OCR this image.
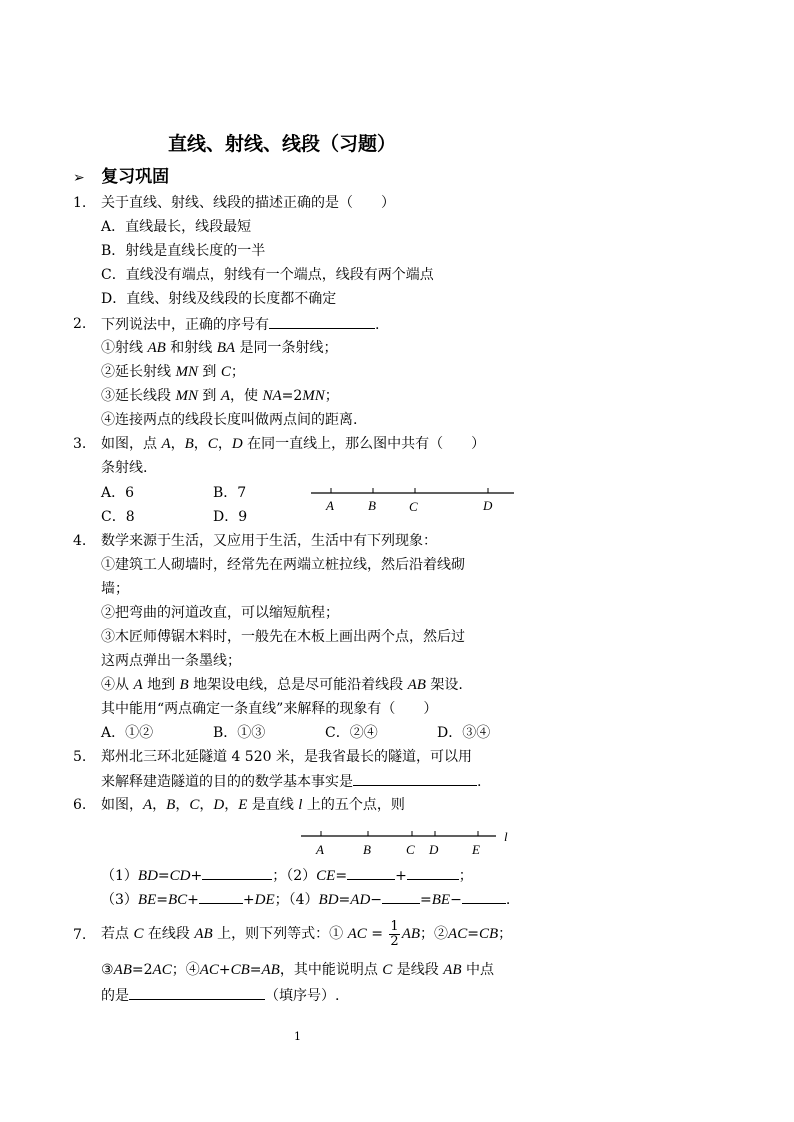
直线、射线、线段（习题）
➢ 复习巩固
1. 关于直线、射线、线段的描述正确的是（　　）
A．直线最长，线段最短
B．射线是直线长度的一半
C．直线没有端点，射线有一个端点，线段有两个端点
D．直线、射线及线段的长度都不确定
2. 下列说法中，正确的序号有	.
①射线 AB 和射线 BA 是同一条射线；
②延长射线 MN 到 C；
③延长线段 MN 到 A，使 NA=2MN；
④连接两点的线段长度叫做两点间的距离.
3. 如图，点 A，B，C，D 在同一直线上，那么图中共有（　　）
条射线.
A．6	B．7
C．8	D．9
A	B	C	D
4. 数学来源于生活，又应用于生活，生活中有下列现象：
①建筑工人砌墙时，经常先在两端立桩拉线，然后沿着线砌
墙；
②把弯曲的河道改直，可以缩短航程；
③木匠师傅锯木料时，一般先在木板上画出两个点，然后过
这两点弹出一条墨线；
④从 A 地到 B 地架设电线，总是尽可能沿着线段 AB 架设.
其中能用“两点确定一条直线”来解释的现象有（　　）
A．①②	B．①③	C．②④	D．③④
5. 郑州北三环北延隧道 4 520 米，是我省最长的隧道，可以用
来解释建造隧道的目的的数学基本事实是	.
6. 如图，A，B，C，D，E 是直线 l 上的五个点，则
A	B	C D	E
l
（1）BD=CD+	；（2）CE=	+	；
（3）BE=BC+	+DE；（4）BD=AD−	=BE−	.
7. 若点 C 在线段 AB 上，则下列等式：① AC = $\frac{1}{2}$ AB；②AC=CB；
③AB=2AC；④AC+CB=AB，其中能说明点 C 是线段 AB 中点
的是	（填序号）.
1
